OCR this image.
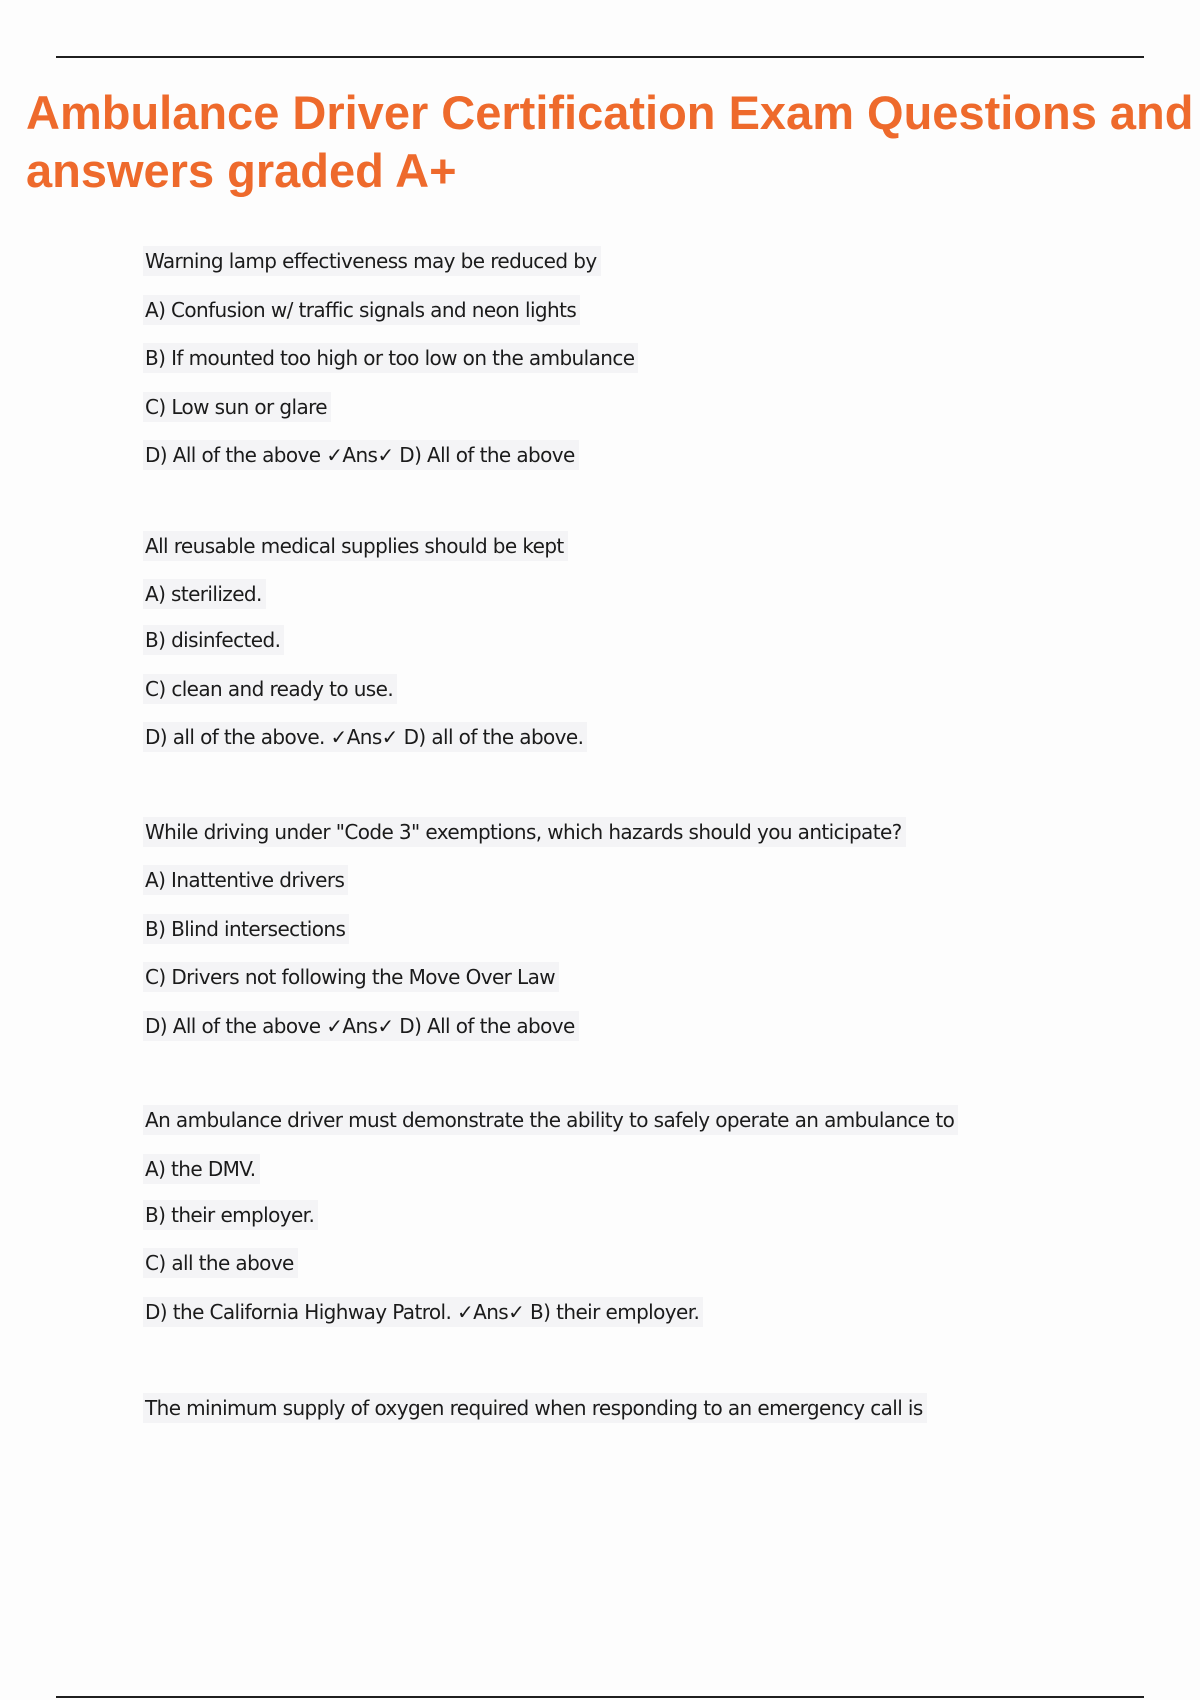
Ambulance Driver Certification Exam Questions and answers graded A+
Warning lamp effectiveness may be reduced by
A) Confusion w/ traffic signals and neon lights
B) If mounted too high or too low on the ambulance
C) Low sun or glare
D) All of the above ✓Ans✓ D) All of the above
All reusable medical supplies should be kept
A) sterilized.
B) disinfected.
C) clean and ready to use.
D) all of the above. ✓Ans✓ D) all of the above.
While driving under "Code 3" exemptions, which hazards should you anticipate?
A) Inattentive drivers
B) Blind intersections
C) Drivers not following the Move Over Law
D) All of the above ✓Ans✓ D) All of the above
An ambulance driver must demonstrate the ability to safely operate an ambulance to
A) the DMV.
B) their employer.
C) all the above
D) the California Highway Patrol. ✓Ans✓ B) their employer.
The minimum supply of oxygen required when responding to an emergency call is
